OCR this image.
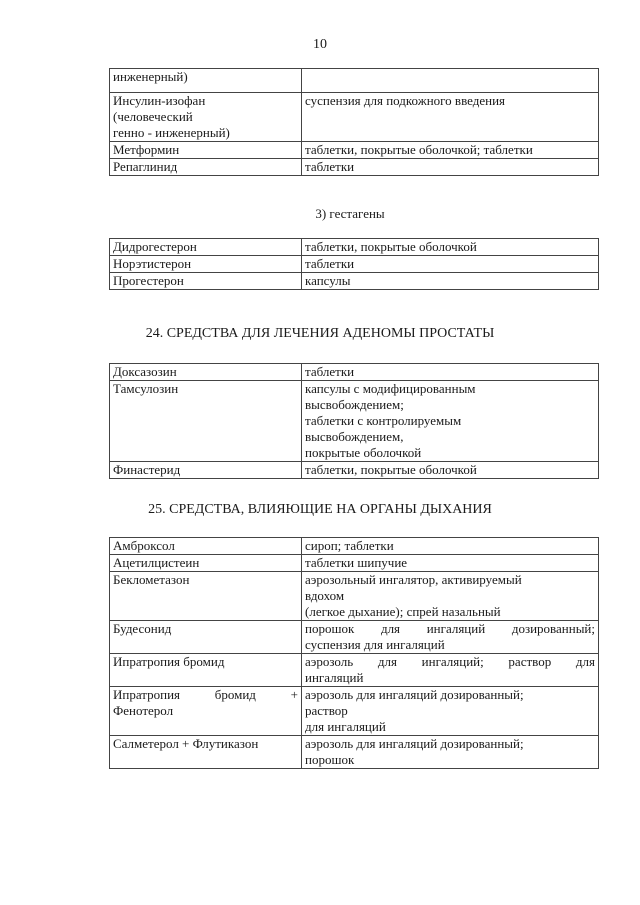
10
инженерный)	

Инсулин-изофан
(человеческий
генно - инженерный)	суспензия для подкожного введения

Метформин	таблетки, покрытые оболочкой; таблетки

Репаглинид	таблетки
3) гестагены
Дидрогестерон	таблетки, покрытые оболочкой

Норэтистерон	таблетки

Прогестерон	капсулы
24. СРЕДСТВА ДЛЯ ЛЕЧЕНИЯ АДЕНОМЫ ПРОСТАТЫ
Доксазозин	таблетки

Тамсулозин	капсулы с модифицированным
высвобождением;
таблетки с контролируемым
высвобождением,
покрытые оболочкой

Финастерид	таблетки, покрытые оболочкой
25. СРЕДСТВА, ВЛИЯЮЩИЕ НА ОРГАНЫ ДЫХАНИЯ
Амброксол	сироп; таблетки

Ацетилцистеин	таблетки шипучие

Беклометазон	аэрозольный ингалятор, активируемый
вдохом
(легкое дыхание); спрей назальный

Будесонид	порошок для ингаляций дозированный;
суспензия для ингаляций

Ипратропия бромид	аэрозоль для ингаляций; раствор для
ингаляций

Ипратропия бромид +
Фенотерол	аэрозоль для ингаляций дозированный;
раствор
для ингаляций

Салметерол + Флутиказон	аэрозоль для ингаляций дозированный;
порошок
